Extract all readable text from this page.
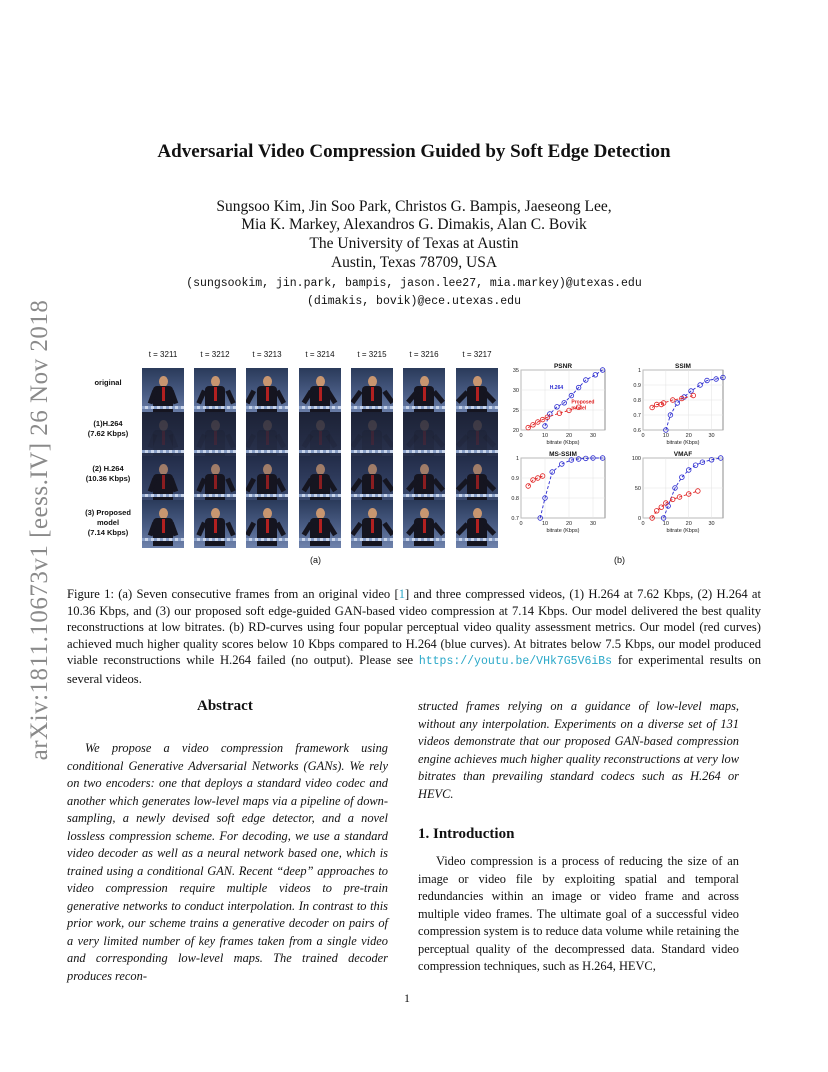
arXiv:1811.10673v1 [eess.IV] 26 Nov 2018
Adversarial Video Compression Guided by Soft Edge Detection
Sungsoo Kim, Jin Soo Park, Christos G. Bampis, Jaeseong Lee,
Mia K. Markey, Alexandros G. Dimakis, Alan C. Bovik
The University of Texas at Austin
Austin, Texas 78709, USA
(sungsookim, jin.park, bampis, jason.lee27, mia.markey)@utexas.edu
(dimakis, bovik)@ece.utexas.edu
t = 3211	t = 3212	t = 3213	t = 3214	t = 3215	t = 3216	t = 3217
original
(1)H.264
(7.62 Kbps)
(2) H.264
(10.36 Kbps)
(3) Proposed
model
(7.14 Kbps)
(a)	(b)
0	10	20	30
20
25
30
35
PSNR
bitrate (Kbps)
H.264
Proposed
model
0	10	20	30
0.6
0.7
0.8
0.9
1
SSIM
bitrate (Kbps)
0	10	20	30
0.7
0.8
0.9
1
MS-SSIM
bitrate (Kbps)
0	10	20	30
0
50
100
VMAF
bitrate (Kbps)
Figure 1: (a) Seven consecutive frames from an original video [1] and three compressed videos, (1) H.264 at 7.62 Kbps, (2) H.264 at 10.36 Kbps, and (3) our proposed soft edge-guided GAN-based video compression at 7.14 Kbps. Our model delivered the best quality reconstructions at low bitrates. (b) RD-curves using four popular perceptual video quality assessment metrics. Our model (red curves) achieved much higher quality scores below 10 Kbps compared to H.264 (blue curves). At bitrates below 7.5 Kbps, our model produced viable reconstructions while H.264 failed (no output). Please see https://youtu.be/VHk7G5V6iBs for experimental results on several videos.
Abstract
We propose a video compression framework using conditional Generative Adversarial Networks (GANs). We rely on two encoders: one that deploys a standard video codec and another which generates low-level maps via a pipeline of down-sampling, a newly devised soft edge detector, and a novel lossless compression scheme. For decoding, we use a standard video decoder as well as a neural network based one, which is trained using a conditional GAN. Recent “deep” approaches to video compression require multiple videos to pre-train generative networks to conduct interpolation. In contrast to this prior work, our scheme trains a generative decoder on pairs of a very limited number of key frames taken from a single video and corresponding low-level maps. The trained decoder produces recon-
structed frames relying on a guidance of low-level maps, without any interpolation. Experiments on a diverse set of 131 videos demonstrate that our proposed GAN-based compression engine achieves much higher quality reconstructions at very low bitrates than prevailing standard codecs such as H.264 or HEVC.
1. Introduction
Video compression is a process of reducing the size of an image or video file by exploiting spatial and temporal redundancies within an image or video frame and across multiple video frames. The ultimate goal of a successful video compression system is to reduce data volume while retaining the perceptual quality of the decompressed data. Standard video compression techniques, such as H.264, HEVC,
1
